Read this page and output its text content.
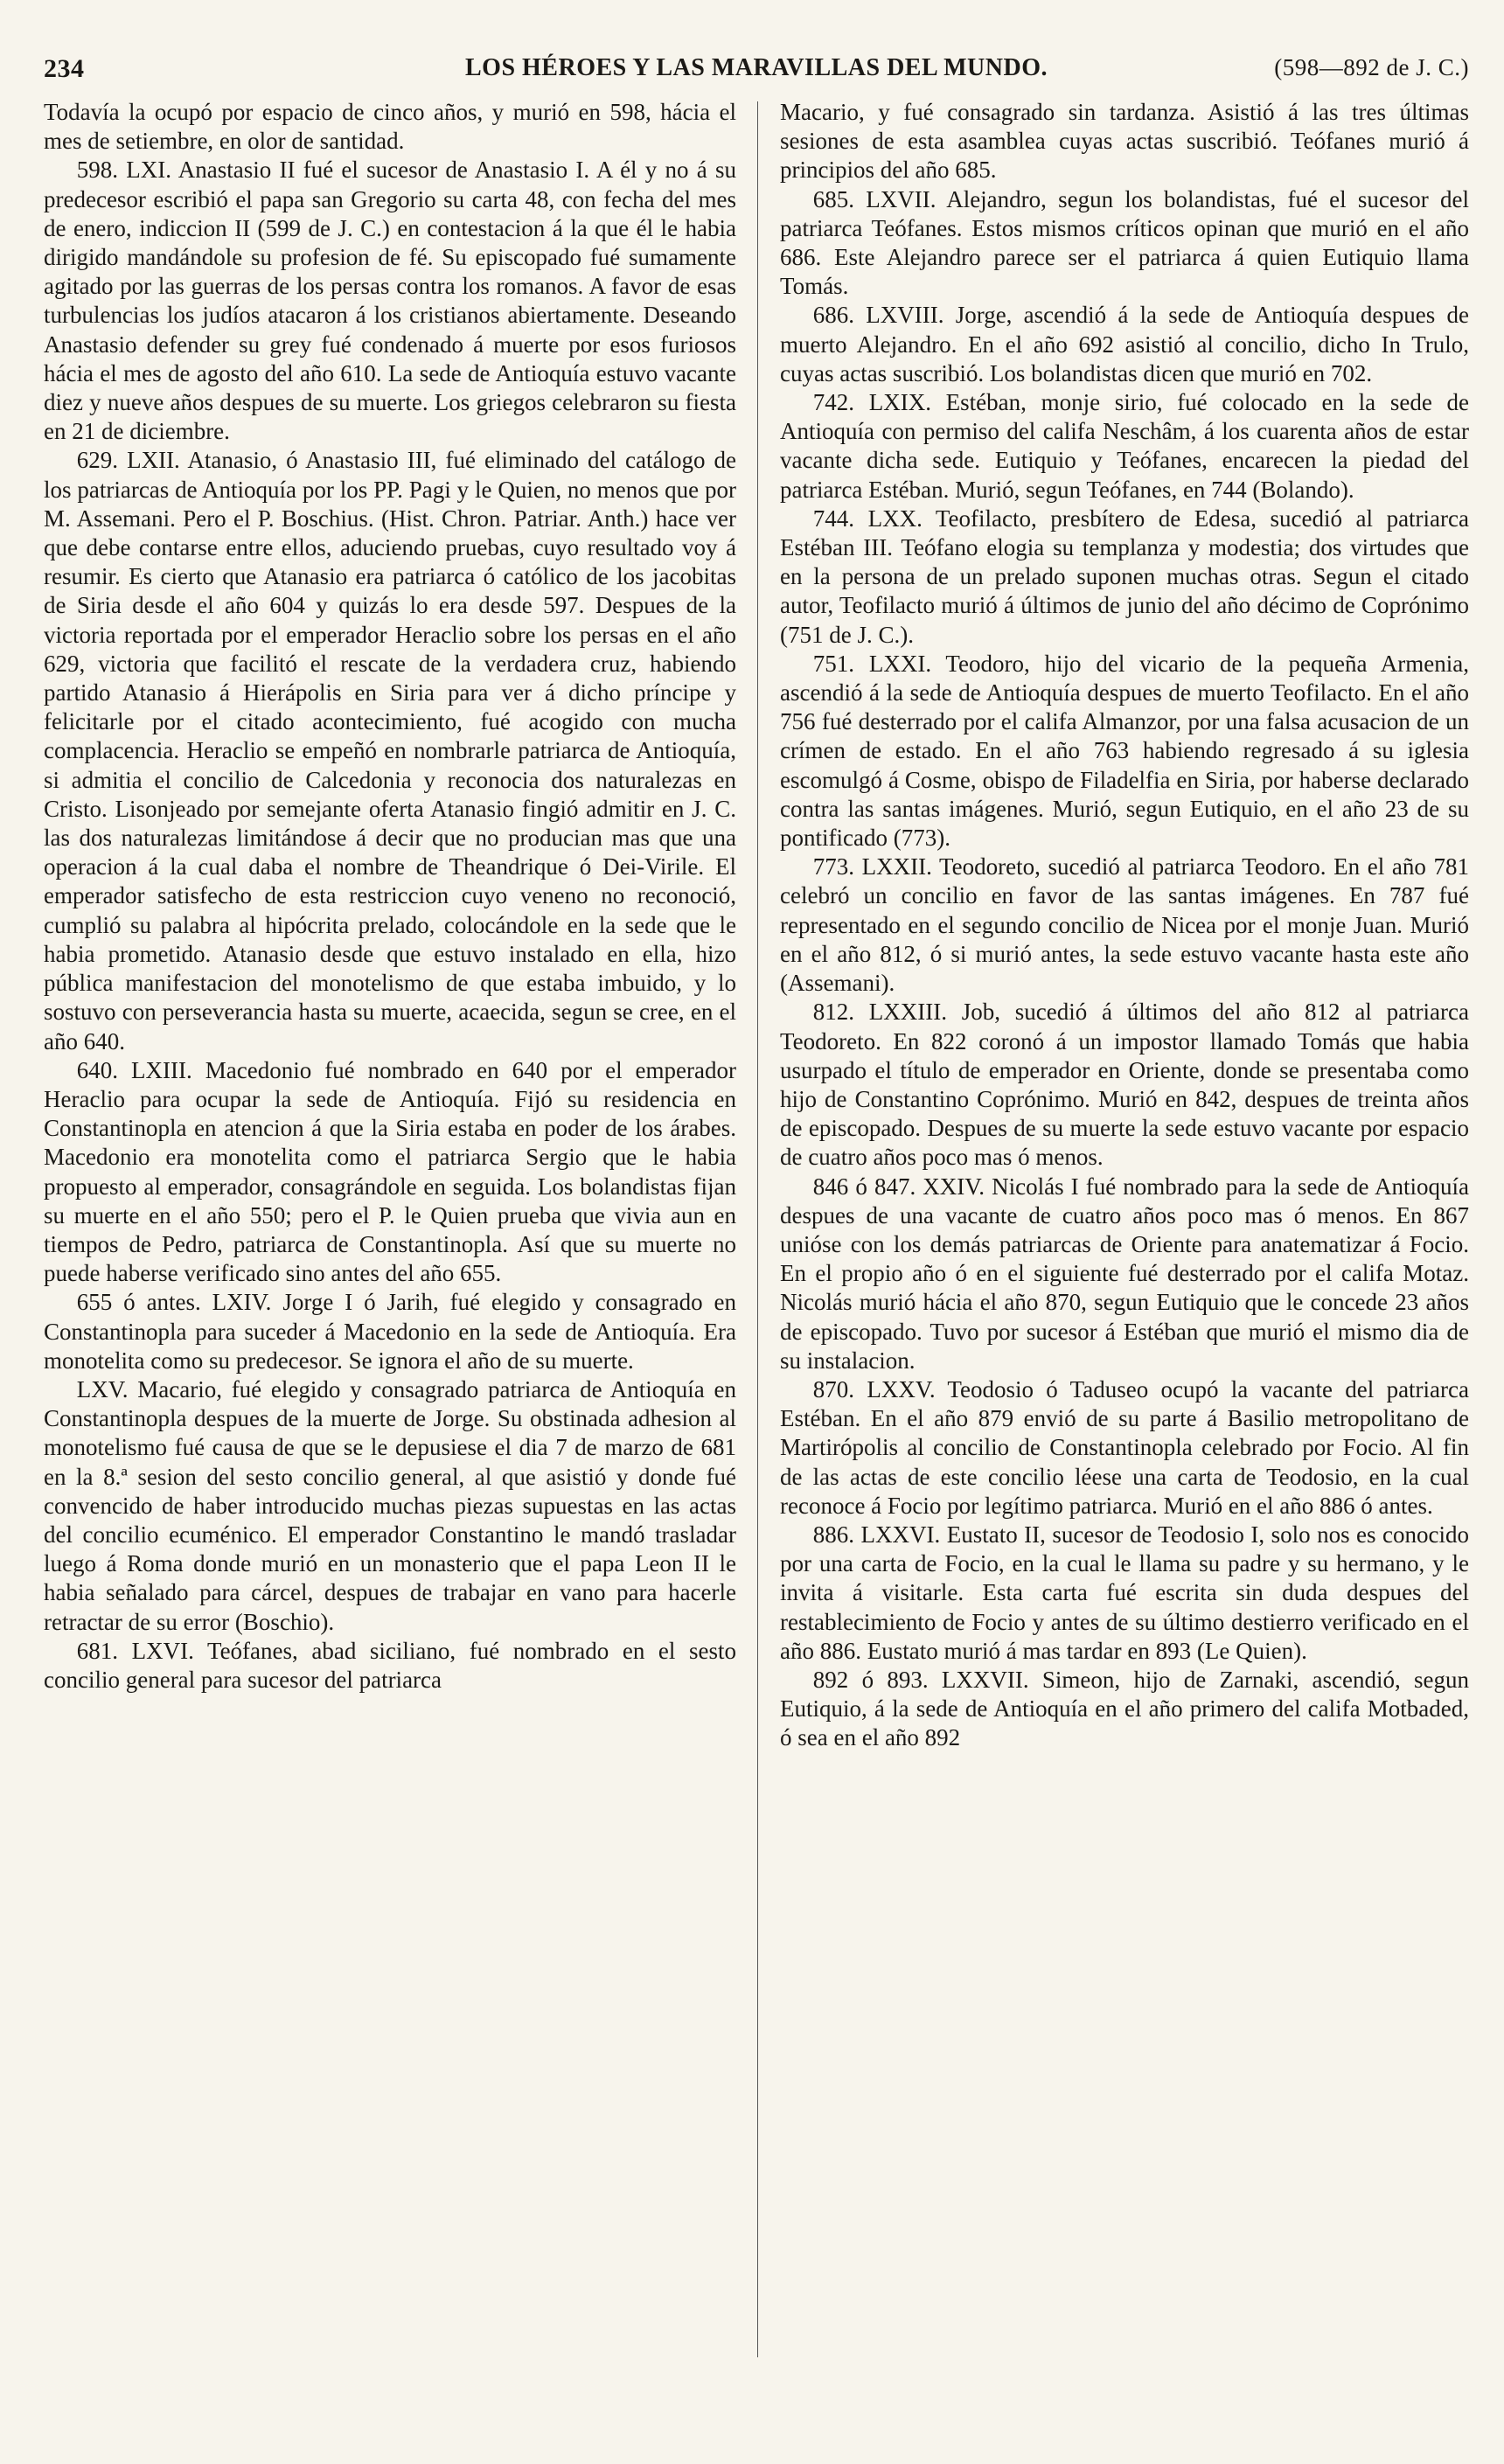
234	LOS HÉROES Y LAS MARAVILLAS DEL MUNDO.	(598—892 de J. C.)

Todavía la ocupó por espacio de cinco años, y murió en 598, hácia el mes de setiembre, en olor de santidad.

598. LXI. Anastasio II fué el sucesor de Anastasio I. A él y no á su predecesor escribió el papa san Gregorio su carta 48, con fecha del mes de enero, indiccion II (599 de J. C.) en contestacion á la que él le habia dirigido mandándole su profesion de fé. Su episcopado fué sumamente agitado por las guerras de los persas contra los romanos. A favor de esas turbulencias los judíos atacaron á los cristianos abiertamente. Deseando Anastasio defender su grey fué condenado á muerte por esos furiosos hácia el mes de agosto del año 610. La sede de Antioquía estuvo vacante diez y nueve años despues de su muerte. Los griegos celebraron su fiesta en 21 de diciembre.

629. LXII. Atanasio, ó Anastasio III, fué eliminado del catálogo de los patriarcas de Antioquía por los PP. Pagi y le Quien, no menos que por M. Assemani. Pero el P. Boschius. (Hist. Chron. Patriar. Anth.) hace ver que debe contarse entre ellos, aduciendo pruebas, cuyo resultado voy á resumir. Es cierto que Atanasio era patriarca ó católico de los jacobitas de Siria desde el año 604 y quizás lo era desde 597. Despues de la victoria reportada por el emperador Heraclio sobre los persas en el año 629, victoria que facilitó el rescate de la verdadera cruz, habiendo partido Atanasio á Hierápolis en Siria para ver á dicho príncipe y felicitarle por el citado acontecimiento, fué acogido con mucha complacencia. Heraclio se empeñó en nombrarle patriarca de Antioquía, si admitia el concilio de Calcedonia y reconocia dos naturalezas en Cristo. Lisonjeado por semejante oferta Atanasio fingió admitir en J. C. las dos naturalezas limitándose á decir que no producian mas que una operacion á la cual daba el nombre de Theandrique ó Dei-Virile. El emperador satisfecho de esta restriccion cuyo veneno no reconoció, cumplió su palabra al hipócrita prelado, colocándole en la sede que le habia prometido. Atanasio desde que estuvo instalado en ella, hizo pública manifestacion del monotelismo de que estaba imbuido, y lo sostuvo con perseverancia hasta su muerte, acaecida, segun se cree, en el año 640.

640. LXIII. Macedonio fué nombrado en 640 por el emperador Heraclio para ocupar la sede de Antioquía. Fijó su residencia en Constantinopla en atencion á que la Siria estaba en poder de los árabes. Macedonio era monotelita como el patriarca Sergio que le habia propuesto al emperador, consagrándole en seguida. Los bolandistas fijan su muerte en el año 550; pero el P. le Quien prueba que vivia aun en tiempos de Pedro, patriarca de Constantinopla. Así que su muerte no puede haberse verificado sino antes del año 655.

655 ó antes. LXIV. Jorge I ó Jarih, fué elegido y consagrado en Constantinopla para suceder á Macedonio en la sede de Antioquía. Era monotelita como su predecesor. Se ignora el año de su muerte.

LXV. Macario, fué elegido y consagrado patriarca de Antioquía en Constantinopla despues de la muerte de Jorge. Su obstinada adhesion al monotelismo fué causa de que se le depusiese el dia 7 de marzo de 681 en la 8.ª sesion del sesto concilio general, al que asistió y donde fué convencido de haber introducido muchas piezas supuestas en las actas del concilio ecuménico. El emperador Constantino le mandó trasladar luego á Roma donde murió en un monasterio que el papa Leon II le habia señalado para cárcel, despues de trabajar en vano para hacerle retractar de su error (Boschio).

681. LXVI. Teófanes, abad siciliano, fué nombrado en el sesto concilio general para sucesor del patriarca

Macario, y fué consagrado sin tardanza. Asistió á las tres últimas sesiones de esta asamblea cuyas actas suscribió. Teófanes murió á principios del año 685.

685. LXVII. Alejandro, segun los bolandistas, fué el sucesor del patriarca Teófanes. Estos mismos críticos opinan que murió en el año 686. Este Alejandro parece ser el patriarca á quien Eutiquio llama Tomás.

686. LXVIII. Jorge, ascendió á la sede de Antioquía despues de muerto Alejandro. En el año 692 asistió al concilio, dicho In Trulo, cuyas actas suscribió. Los bolandistas dicen que murió en 702.

742. LXIX. Estéban, monje sirio, fué colocado en la sede de Antioquía con permiso del califa Neschâm, á los cuarenta años de estar vacante dicha sede. Eutiquio y Teófanes, encarecen la piedad del patriarca Estéban. Murió, segun Teófanes, en 744 (Bolando).

744. LXX. Teofilacto, presbítero de Edesa, sucedió al patriarca Estéban III. Teófano elogia su templanza y modestia; dos virtudes que en la persona de un prelado suponen muchas otras. Segun el citado autor, Teofilacto murió á últimos de junio del año décimo de Coprónimo (751 de J. C.).

751. LXXI. Teodoro, hijo del vicario de la pequeña Armenia, ascendió á la sede de Antioquía despues de muerto Teofilacto. En el año 756 fué desterrado por el califa Almanzor, por una falsa acusacion de un crímen de estado. En el año 763 habiendo regresado á su iglesia escomulgó á Cosme, obispo de Filadelfia en Siria, por haberse declarado contra las santas imágenes. Murió, segun Eutiquio, en el año 23 de su pontificado (773).

773. LXXII. Teodoreto, sucedió al patriarca Teodoro. En el año 781 celebró un concilio en favor de las santas imágenes. En 787 fué representado en el segundo concilio de Nicea por el monje Juan. Murió en el año 812, ó si murió antes, la sede estuvo vacante hasta este año (Assemani).

812. LXXIII. Job, sucedió á últimos del año 812 al patriarca Teodoreto. En 822 coronó á un impostor llamado Tomás que habia usurpado el título de emperador en Oriente, donde se presentaba como hijo de Constantino Coprónimo. Murió en 842, despues de treinta años de episcopado. Despues de su muerte la sede estuvo vacante por espacio de cuatro años poco mas ó menos.

846 ó 847. XXIV. Nicolás I fué nombrado para la sede de Antioquía despues de una vacante de cuatro años poco mas ó menos. En 867 unióse con los demás patriarcas de Oriente para anatematizar á Focio. En el propio año ó en el siguiente fué desterrado por el califa Motaz. Nicolás murió hácia el año 870, segun Eutiquio que le concede 23 años de episcopado. Tuvo por sucesor á Estéban que murió el mismo dia de su instalacion.

870. LXXV. Teodosio ó Taduseo ocupó la vacante del patriarca Estéban. En el año 879 envió de su parte á Basilio metropolitano de Martirópolis al concilio de Constantinopla celebrado por Focio. Al fin de las actas de este concilio léese una carta de Teodosio, en la cual reconoce á Focio por legítimo patriarca. Murió en el año 886 ó antes.

886. LXXVI. Eustato II, sucesor de Teodosio I, solo nos es conocido por una carta de Focio, en la cual le llama su padre y su hermano, y le invita á visitarle. Esta carta fué escrita sin duda despues del restablecimiento de Focio y antes de su último destierro verificado en el año 886. Eustato murió á mas tardar en 893 (Le Quien).

892 ó 893. LXXVII. Simeon, hijo de Zarnaki, ascendió, segun Eutiquio, á la sede de Antioquía en el año primero del califa Motbaded, ó sea en el año 892
